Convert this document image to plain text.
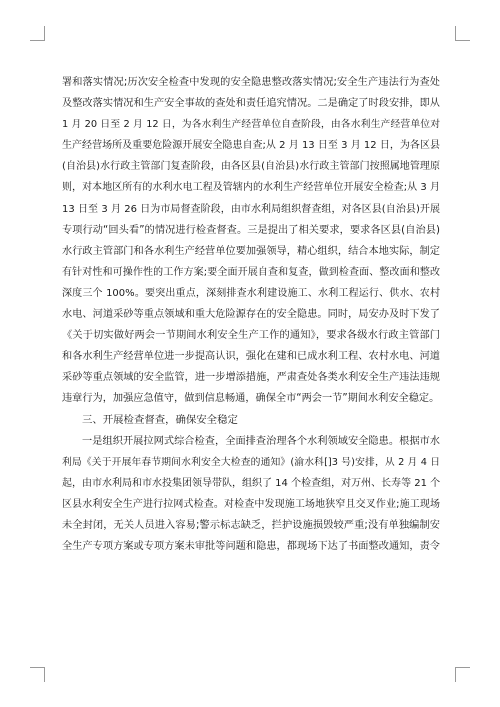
署和落实情况;历次安全检查中发现的安全隐患整改落实情况;安全生产违法行为查处
及整改落实情况和生产安全事故的查处和责任追究情况。二是确定了时段安排，即从
1 月 20 日至 2 月 12 日，为各水利生产经营单位自查阶段，由各水利生产经营单位对
生产经营场所及重要危险源开展安全隐患自查;从 2 月 13 日至 3 月 12 日，为各区县
(自治县)水行政主管部门复查阶段，由各区县(自治县)水行政主管部门按照属地管理原
则，对本地区所有的水利水电工程及管辖内的水利生产经营单位开展安全检查;从 3 月
13 日至 3 月 26 日为市局督查阶段，由市水利局组织督查组，对各区县(自治县)开展
专项行动“回头看”的情况进行检查督查。三是提出了相关要求，要求各区县(自治县)
水行政主管部门和各水利生产经营单位要加强领导，精心组织，结合本地实际，制定
有针对性和可操作性的工作方案;要全面开展自查和复查，做到检查面、整改面和整改
深度三个 100%。要突出重点，深刻排查水利建设施工、水利工程运行、供水、农村
水电、河道采砂等重点领域和重大危险源存在的安全隐患。同时，局安办及时下发了
《关于切实做好两会一节期间水利安全生产工作的通知》，要求各级水行政主管部门
和各水利生产经营单位进一步提高认识，强化在建和已成水利工程、农村水电、河道
采砂等重点领域的安全监管，进一步增添措施，严肃查处各类水利安全生产违法违规
违章行为，加强应急值守，做到信息畅通，确保全市“两会一节”期间水利安全稳定。
三、开展检查督查，确保安全稳定
一是组织开展拉网式综合检查，全面排查治理各个水利领域安全隐患。根据市水
利局《关于开展年春节期间水利安全大检查的通知》(渝水科[]3 号)安排，从 2 月 4 日
起，由市水利局和市水投集团领导带队，组织了 14 个检查组，对万州、长寿等 21 个
区县水利安全生产进行拉网式检查。对检查中发现施工场地狭窄且交叉作业;施工现场
未全封闭，无关人员进入容易;警示标志缺乏，拦护设施损毁较严重;没有单独编制安
全生产专项方案或专项方案未审批等问题和隐患，都现场下达了书面整改通知，责令
